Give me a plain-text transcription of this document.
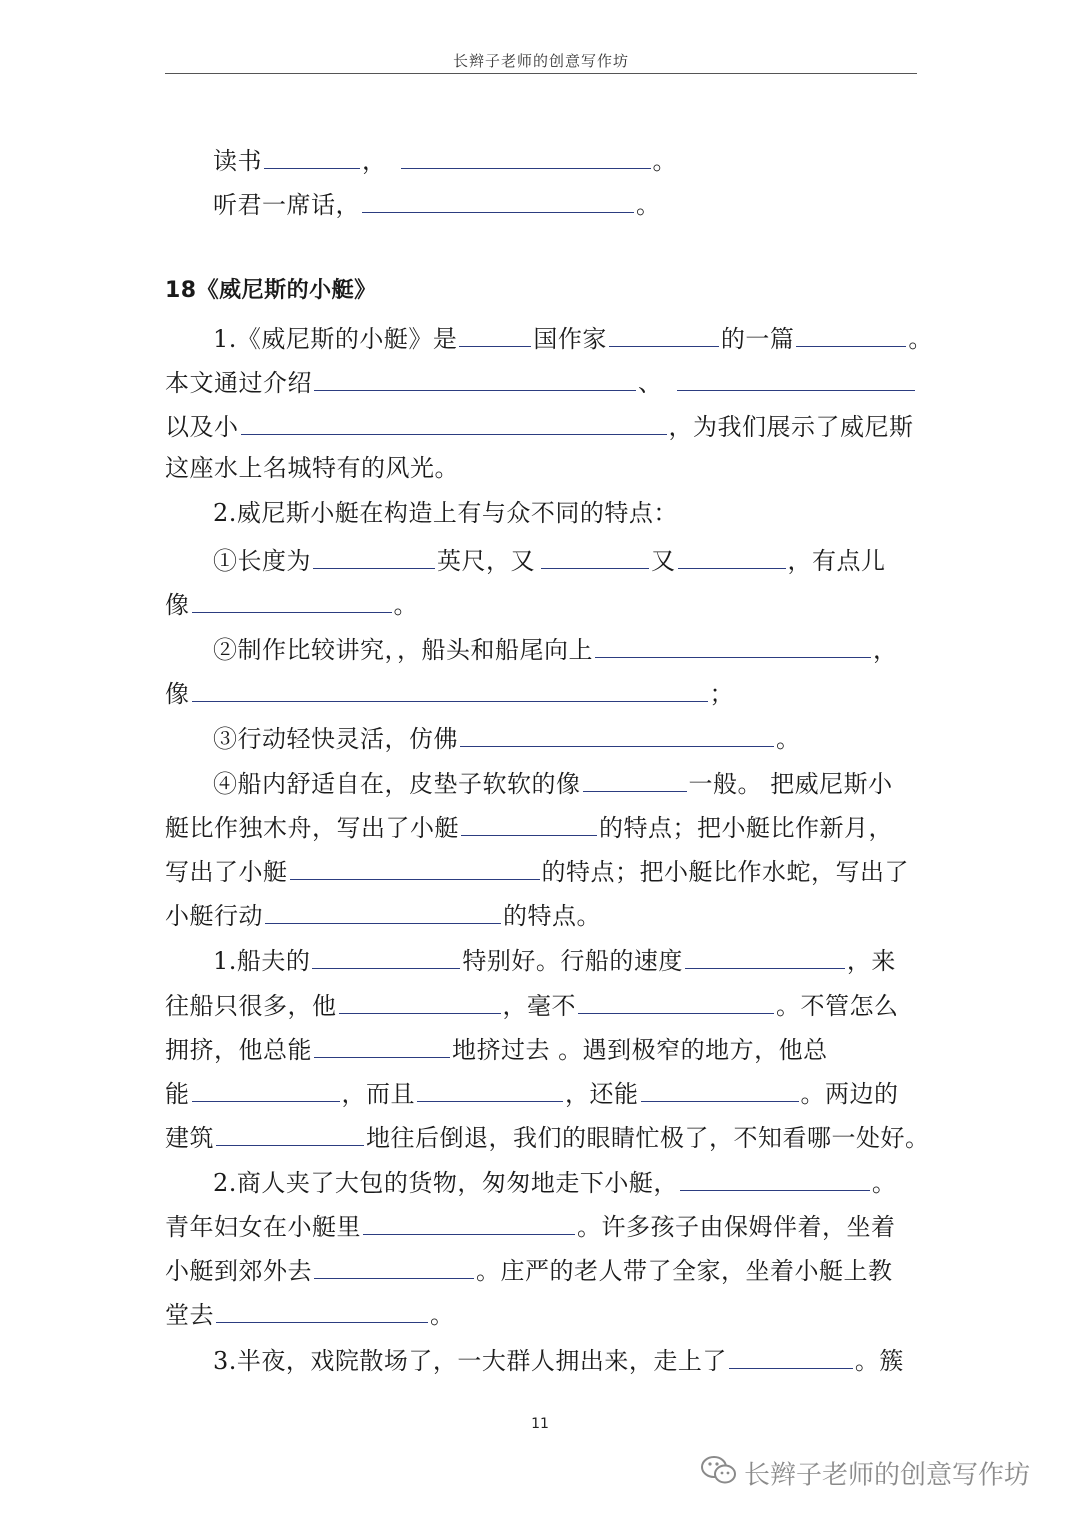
长辫子老师的创意写作坊
读书	，	。
听君一席话，	。
18《威尼斯的小艇》
1.《威尼斯的小艇》是	国作家	的一篇	。
本文通过介绍	、
以及小	，为我们展示了威尼斯
这座水上名城特有的风光。
2.威尼斯小艇在构造上有与众不同的特点：
①长度为	英尺，又	又	，有点儿
像	。
②制作比较讲究，，船头和船尾向上	，
像	；
③行动轻快灵活，仿佛	。
④船内舒适自在，皮垫子软软的像	一般。 把威尼斯小
艇比作独木舟，写出了小艇	的特点；把小艇比作新月，
写出了小艇	的特点；把小艇比作水蛇，写出了
小艇行动	的特点。
1.船夫的	特别好。行船的速度	，来
往船只很多，他	，毫不	。不管怎么
拥挤，他总能	地挤过去 。遇到极窄的地方，他总
能	，而且	，还能	。两边的
建筑	地往后倒退，我们的眼睛忙极了，不知看哪一处好。
2.商人夹了大包的货物，匆匆地走下小艇，	。
青年妇女在小艇里	。许多孩子由保姆伴着，坐着
小艇到郊外去	。庄严的老人带了全家，坐着小艇上教
堂去	。
3.半夜，戏院散场了，一大群人拥出来，走上了	。簇
11
长辫子老师的创意写作坊
